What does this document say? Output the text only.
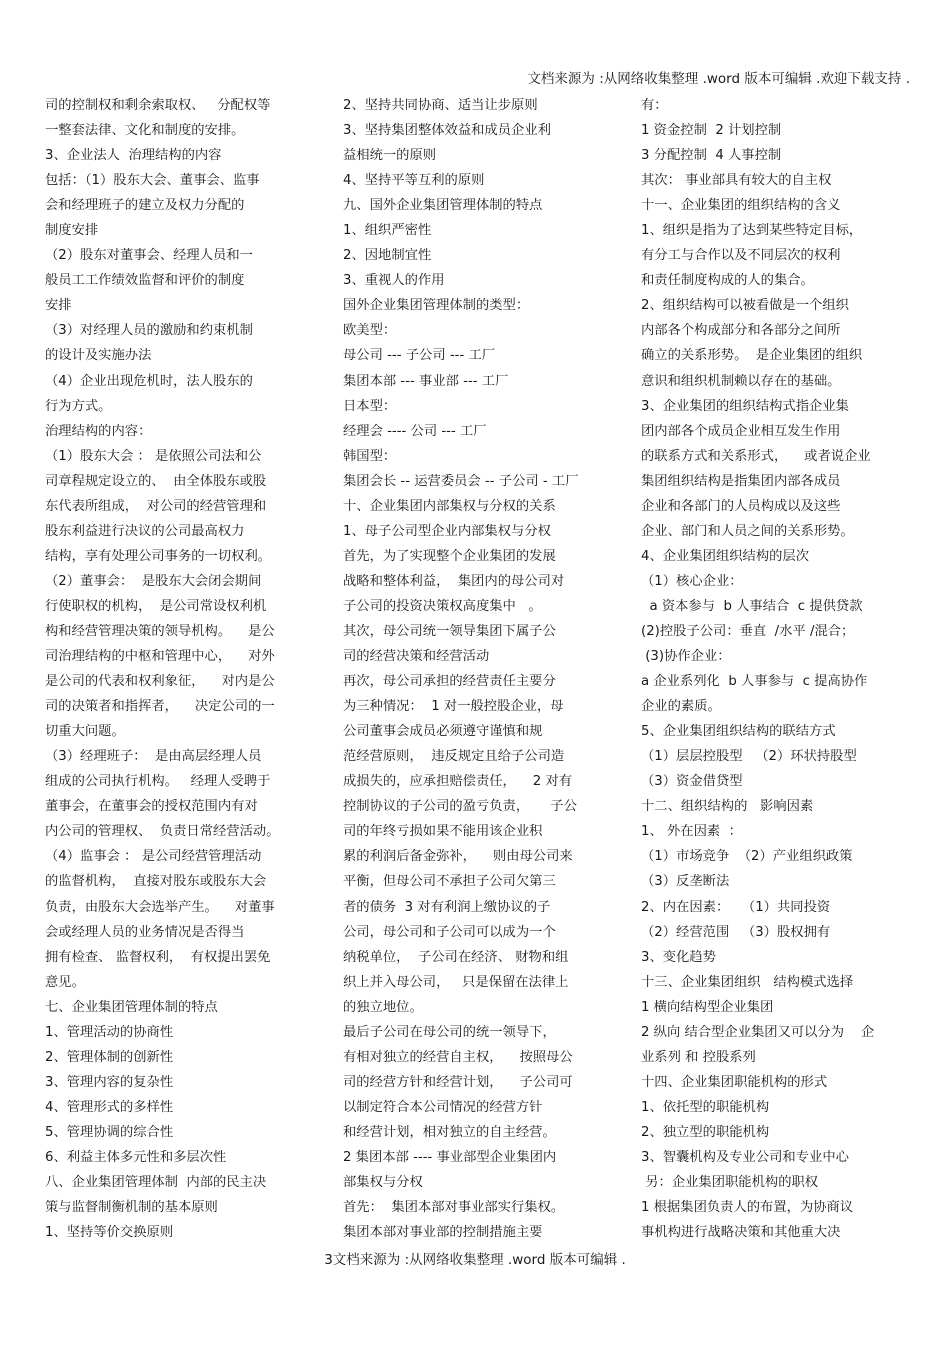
文档来源为 :从网络收集整理 .word 版本可编辑 .欢迎下载支持 .
司的控制权和剩余索取权、   分配权等
一整套法律、文化和制度的安排。
3、企业法人  治理结构的内容
包括：（1）股东大会、董事会、监事
会和经理班子的建立及权力分配的
制度安排
（2）股东对董事会、经理人员和一
般员工工作绩效监督和评价的制度
安排
（3）对经理人员的激励和约束机制
的设计及实施办法
（4）企业出现危机时，法人股东的
行为方式。
治理结构的内容：
（1）股东大会 ： 是依照公司法和公
司章程规定设立的、  由全体股东或股
东代表所组成，  对公司的经营管理和
股东利益进行决议的公司最高权力
结构，享有处理公司事务的一切权利。
（2）董事会：  是股东大会闭会期间
行使职权的机构，  是公司常设权利机
构和经营管理决策的领导机构。    是公
司治理结构的中枢和管理中心，    对外
是公司的代表和权利象征，    对内是公
司的决策者和指挥者，    决定公司的一
切重大问题。
（3）经理班子：  是由高层经理人员
组成的公司执行机构。   经理人受聘于
董事会，在董事会的授权范围内有对
内公司的管理权、  负责日常经营活动。
（4）监事会 ： 是公司经营管理活动
的监督机构，  直接对股东或股东大会
负责，由股东大会选举产生。    对董事
会或经理人员的业务情况是否得当
拥有检查、 监督权利，  有权提出罢免
意见。
七、企业集团管理体制的特点
1、管理活动的协商性
2、管理体制的创新性
3、管理内容的复杂性
4、管理形式的多样性
5、管理协调的综合性
6、利益主体多元性和多层次性
八、企业集团管理体制  内部的民主决
策与监督制衡机制的基本原则
1、坚持等价交换原则
2、坚持共同协商、适当让步原则
3、坚持集团整体效益和成员企业利
益相统一的原则
4、坚持平等互利的原则
九、国外企业集团管理体制的特点
1、组织严密性
2、因地制宜性
3、重视人的作用
国外企业集团管理体制的类型：
欧美型：
母公司 --- 子公司 --- 工厂
集团本部 --- 事业部 --- 工厂
日本型：
经理会 ---- 公司 --- 工厂
韩国型：
集团会长 -- 运营委员会 -- 子公司 - 工厂
十、企业集团内部集权与分权的关系
1、母子公司型企业内部集权与分权
首先，为了实现整个企业集团的发展
战略和整体利益，  集团内的母公司对
子公司的投资决策权高度集中   。
其次，母公司统一领导集团下属子公
司的经营决策和经营活动
再次，母公司承担的经营责任主要分
为三种情况：  1 对一般控股企业，母
公司董事会成员必须遵守谨慎和规
范经营原则，  违反规定且给子公司造
成损失的，应承担赔偿责任，    2 对有
控制协议的子公司的盈亏负责，     子公
司的年终亏损如果不能用该企业积
累的利润后备金弥补，    则由母公司来
平衡，但母公司不承担子公司欠第三
者的债务  3 对有利润上缴协议的子
公司，母公司和子公司可以成为一个
纳税单位，  子公司在经济、 财物和组
织上并入母公司，   只是保留在法律上
的独立地位。
最后子公司在母公司的统一领导下，
有相对独立的经营自主权，    按照母公
司的经营方针和经营计划，    子公司可
以制定符合本公司情况的经营方针
和经营计划，相对独立的自主经营。
2 集团本部 ---- 事业部型企业集团内
部集权与分权
首先：  集团本部对事业部实行集权。
集团本部对事业部的控制措施主要
有：
1 资金控制  2 计划控制
3 分配控制  4 人事控制
其次： 事业部具有较大的自主权
十一、企业集团的组织结构的含义
1、组织是指为了达到某些特定目标，
有分工与合作以及不同层次的权利
和责任制度构成的人的集合。
2、组织结构可以被看做是一个组织
内部各个构成部分和各部分之间所
确立的关系形势。  是企业集团的组织
意识和组织机制赖以存在的基础。
3、企业集团的组织结构式指企业集
团内部各个成员企业相互发生作用
的联系方式和关系形式，    或者说企业
集团组织结构是指集团内部各成员
企业和各部门的人员构成以及这些
企业、部门和人员之间的关系形势。
4、企业集团组织结构的层次
（1）核心企业：
a 资本参与  b 人事结合  c 提供贷款
(2)控股子公司：垂直  /水平 /混合；
(3)协作企业：
a 企业系列化  b 人事参与  c 提高协作
企业的素质。
5、企业集团组织结构的联结方式
（1）层层控股型   （2）环状持股型
（3）资金借贷型
十二、组织结构的   影响因素
1、 外在因素  ：
（1）市场竞争  （2）产业组织政策
（3）反垄断法
2、内在因素：   （1）共同投资
（2）经营范围   （3）股权拥有
3、变化趋势
十三、企业集团组织   结构模式选择
1 横向结构型企业集团
2 纵向 结合型企业集团又可以分为    企
业系列 和 控股系列
十四、企业集团职能机构的形式
1、依托型的职能机构
2、独立型的职能机构
3、智囊机构及专业公司和专业中心
另：企业集团职能机构的职权
1 根据集团负责人的布置，为协商议
事机构进行战略决策和其他重大决
3文档来源为 :从网络收集整理 .word 版本可编辑 .
